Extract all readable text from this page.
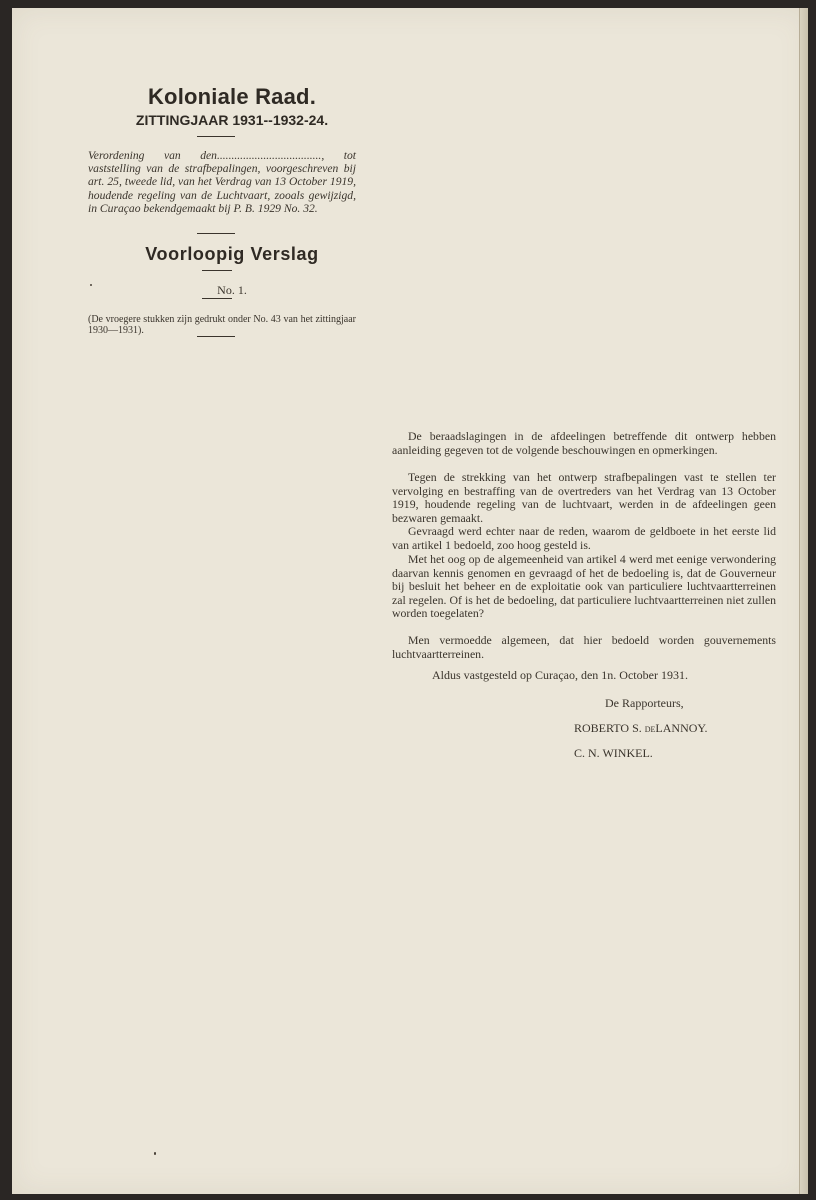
Koloniale Raad.
ZITTINGJAAR 1931--1932-24.

Verordening van den...................................., tot vaststelling van de strafbepalingen, voorgeschreven bij art. 25, tweede lid, van het Verdrag van 13 October 1919, houdende regeling van de Luchtvaart, zooals gewijzigd, in Curaçao bekendgemaakt bij P. B. 1929 No. 32.

Voorloopig Verslag
No. 1.

(De vroegere stukken zijn gedrukt onder No. 43 van het zittingjaar 1930—1931).

De beraadslagingen in de afdeelingen betreffende dit ontwerp hebben aanleiding gegeven tot de volgende beschouwingen en opmerkingen.

Tegen de strekking van het ontwerp strafbepalingen vast te stellen ter vervolging en bestraffing van de overtreders van het Verdrag van 13 October 1919, houdende regeling van de luchtvaart, werden in de afdeelingen geen bezwaren gemaakt.

Gevraagd werd echter naar de reden, waarom de geldboete in het eerste lid van artikel 1 bedoeld, zoo hoog gesteld is.

Met het oog op de algemeenheid van artikel 4 werd met eenige verwondering daarvan kennis genomen en gevraagd of het de bedoeling is, dat de Gouverneur bij besluit het beheer en de exploitatie ook van particuliere luchtvaartterreinen zal regelen. Of is het de bedoeling, dat particuliere luchtvaartterreinen niet zullen worden toegelaten?

Men vermoedde algemeen, dat hier bedoeld worden gouvernements luchtvaartterreinen.

Aldus vastgesteld op Curaçao, den 1n. October 1931.
De Rapporteurs,
ROBERTO S. deLANNOY.
C. N. WINKEL.
